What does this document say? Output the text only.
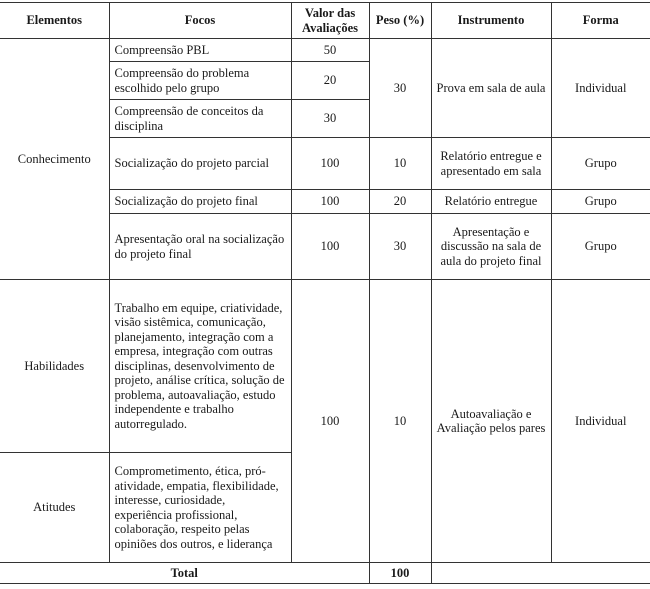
Elementos	Focos	Valor das Avaliações	Peso (%)	Instrumento	Forma
Conhecimento	Compreensão PBL	50	30	Prova em sala de aula	Individual
	Compreensão do problema escolhido pelo grupo	20			
	Compreensão de conceitos da disciplina	30			
	Socialização do projeto parcial	100	10	Relatório entregue e apresentado em sala	Grupo
	Socialização do projeto final	100	20	Relatório entregue	Grupo
	Apresentação oral na socialização do projeto final	100	30	Apresentação e discussão na sala de aula do projeto final	Grupo
Habilidades	Trabalho em equipe, criatividade, visão sistêmica, comunicação, planejamento, integração com a empresa, integração com outras disciplinas, desenvolvimento de projeto, análise crítica, solução de problema, autoavaliação, estudo independente e trabalho autorregulado.	100	10	Autoavaliação e Avaliação pelos pares	Individual
Atitudes	Comprometimento, ética, pró-atividade, empatia, flexibilidade, interesse, curiosidade, experiência profissional, colaboração, respeito pelas opiniões dos outros, e liderança				
Total			100		
